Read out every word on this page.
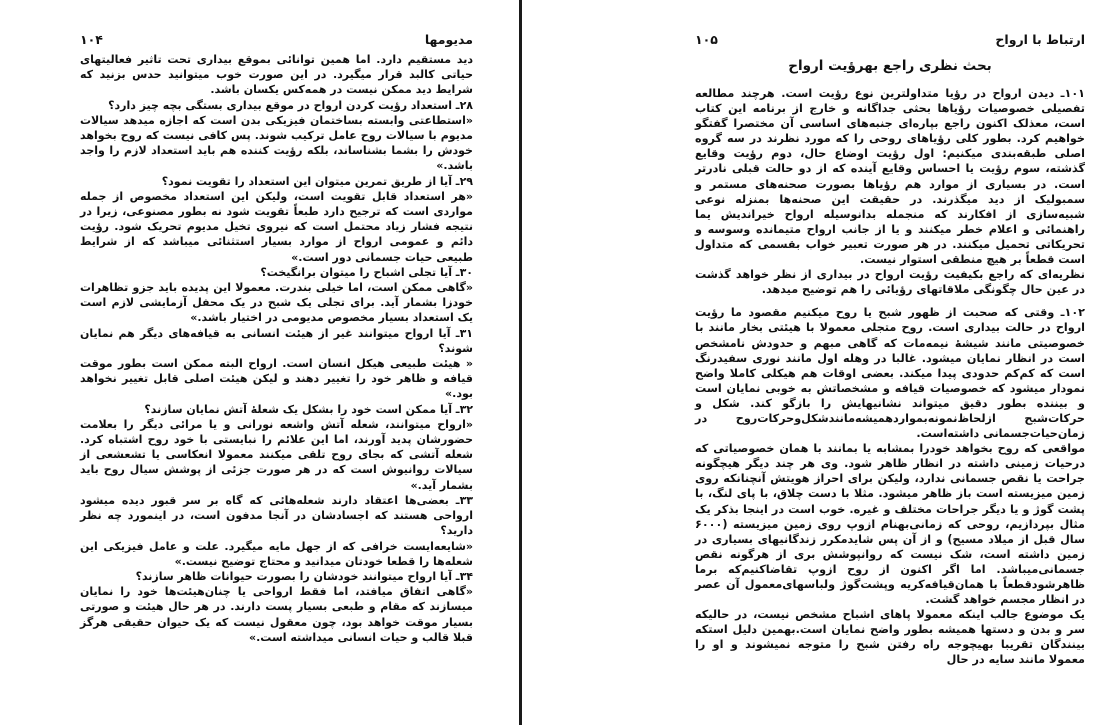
مديومها
۱۰۴

دید مستقیم دارد. اما همین توانائی بموقع بیداری تحت تاثیر فعالیتهای حیاتی کالبد قرار میگیرد. در این صورت خوب میتوانید حدس بزنید که شرایط دید ممکن نیست در همه‌کس یکسان باشد.

۲۸ـ استعداد رؤیت کردن ارواح در موقع بیداری بستگی بچه چیز دارد؟

«استطاعتی وابسته بساختمان فیزیکی بدن است که اجازه میدهد سیالات مدیوم با سیالات روح عامل ترکیب شوند. پس کافی نیست که روح بخواهد خودش را بشما بشناساند، بلکه رؤیت کننده هم باید استعداد لازم را واجد باشد.»

۲۹ـ آیا از طریق تمرین میتوان این استعداد را تقویت نمود؟

«هر استعداد قابل تقویت است، ولیکن این استعداد مخصوص از جمله مواردی است که ترجیح دارد طبعاً تقویت شود نه بطور مصنوعی، زیرا در نتیجه فشار زیاد محتمل است که نیروی تخیل مدیوم تحریک شود. رؤیت دائم و عمومی ارواح از موارد بسیار استثنائی میباشد که از شرایط طبیعی حیات جسمانی دور است.»

۳۰ـ آیا تجلی اشباح را میتوان برانگیخت؟

«گاهی ممکن است، اما خیلی بندرت. معمولا این پدیده باید جزو تظاهرات خودزا بشمار آید. برای تجلی یک شبح در یک محفل آزمایشی لازم است یک استعداد بسیار مخصوص مدیومی در اختیار باشد.»

۳۱ـ آیا ارواح میتوانند غیر از هیئت انسانی به قیافه‌های دیگر هم نمایان شوند؟

« هیئت طبیعی هیکل انسان است. ارواح البته ممکن است بطور موقت قیافه و ظاهر خود را تغییر دهند و لیکن هیئت اصلی قابل تغییر نخواهد بود.»

۳۲ـ آیا ممکن است خود را بشکل یک شعلهٔ آتش نمایان سازند؟

«ارواح میتوانند، شعله آتش واشعه نورانی و یا مرائی دیگر را بعلامت حضورشان پدید آورند، اما این علائم را نبایستی با خود روح اشتباه کرد. شعله آتشی که بجای روح تلقی میکنند معمولا انعکاسی یا تشعشعی از سیالات روانیوش است که در هر صورت جزئی از پوشش سیال روح باید بشمار آید.»

۳۳ـ بعضی‌ها اعتقاد دارند شعله‌هائی که گاه بر سر قبور دیده میشود ارواحی هستند که اجسادشان در آنجا مدفون است، در اینمورد چه نظر دارید؟

«شایعه‌ایست خرافی که از جهل مایه میگیرد. علت و عامل فیزیکی این شعله‌ها را قطعا خودتان میدانید و محتاج توضیح نیست.»

۳۴ـ آیا ارواح میتوانند خودشان را بصورت حیوانات ظاهر سازند؟

«گاهی اتفاق میافتد، اما فقط ارواحی یا چنان‌هیئت‌ها خود را نمایان میسازند که مقام و طبعی بسیار پست دارند. در هر حال هیئت و صورتی بسیار موقت خواهد بود، چون معقول نیست که یک حیوان حقیقی هرگز قبلا قالب و حیات انسانی میداشته است.»

ارتباط با ارواح
۱۰۵
بحث نظری راجع بهرؤیت ارواح

۱۰۱ـ دیدن ارواح در رؤیا متداولترین نوع رؤیت است. هرچند مطالعه تفصیلی خصوصیات رؤیاها بحثی جداگانه و خارج از برنامه این کتاب است، معذلک اکنون راجع بپاره‌ای جنبه‌های اساسی آن مختصرا گفتگو خواهیم کرد. بطور کلی رؤیاهای روحی را که مورد نظرند در سه گروه اصلی طبقه‌بندی میکنیم: اول رؤیت اوضاع حال، دوم رؤیت وقایع گذشته، سوم رؤیت یا احساس وقایع آینده که از دو حالت قبلی نادرتر است. در بسیاری از موارد هم رؤیاها بصورت صحنه‌های مستمر و سمبولیک از دید میگذرند. در حقیقت این صحنه‌ها بمنزله نوعی شبیه‌سازی از افکارند که منجمله بدانوسیله ارواح خیراندیش یما راهنمائی و اعلام خطر میکنند و یا از جانب ارواح متیمانده وسوسه و تحریکاتی تحمیل میکنند. در هر صورت تعبیر خواب بقسمی که متداول است قطعاً بر هیچ منطقی استوار نیست.

نظریه‌ای که راجع بکیفیت رؤیت ارواح در بیداری از نظر خواهد گذشت در عین حال چگونگی ملاقاتهای رؤیائی را هم توضیح میدهد.

۱۰۲ـ وقتی که صحبت از ظهور شبح یا روح میکنیم مقصود ما رؤیت ارواح در حالت بیداری است. روح متجلی معمولا با هیئتی بخار مانند با خصوصیتی مانند شیشهٔ نیمه‌مات که گاهی مبهم و حدودش نامشخص است در انظار نمایان میشود. غالبا در وهله اول مانند نوری سفیدرنگ است که کم‌کم حدودی پیدا میکند. بعضی اوقات هم هیکلی کاملا واضح نمودار میشود که خصوصیات قیافه و مشخصاتش به خوبی نمایان است و بیننده بطور دقیق میتواند نشانیهایش را بازگو کند. شکل و حرکات‌شبح ازلحاظ‌نمونه‌بمواردهمیشه‌مانندشکل‌وحرکات‌روح در زمان‌حیات‌جسمانی داشته‌است.

مواقعی که روح بخواهد خودرا بمشابه یا بمانند با همان خصوصیاتی که درحیات زمینی داشته در انظار ظاهر شود. وی هر چند دیگر هیچگونه جراحت یا نقص جسمانی ندارد، ولیکن برای احراز هویتش آنچنانکه روی زمین میزیسته است باز ظاهر میشود. مثلا با دست چلاق، با پای لنگ، با پشت گوژ و یا دیگر جراحات مختلف و غیره. خوب است در اینجا بذکر یک مثال بپردازیم، روحی که زمانی‌بهنام ازوپ روی زمین میزیسته (۶۰۰۰ سال قبل از میلاد مسیح) و از آن پس شایدمکرر زندگانیهای بسیاری در زمین داشته است، شک نیست که روانپوشش بری از هرگونه نقص جسمانی‌میباشد. اما اگر اکنون از روح ازوپ تقاضاکنیم‌که برما ظاهر‌شود‌قطعاً با همان‌قیافه‌کریه وپشت‌گوژ ولباسهای‌معمول آن عصر در انظار مجسم خواهد گشت.

یک موضوع جالب اینکه معمولا پاهای اشباح مشخص نیست، در حالیکه سر و بدن و دستها همیشه بطور واضح نمایان است.بهمین دلیل استکه بینندگان تقریبا بهیچوجه راه رفتن شبح را متوجه نمیشوند و او را معمولا مانند سایه در حال
